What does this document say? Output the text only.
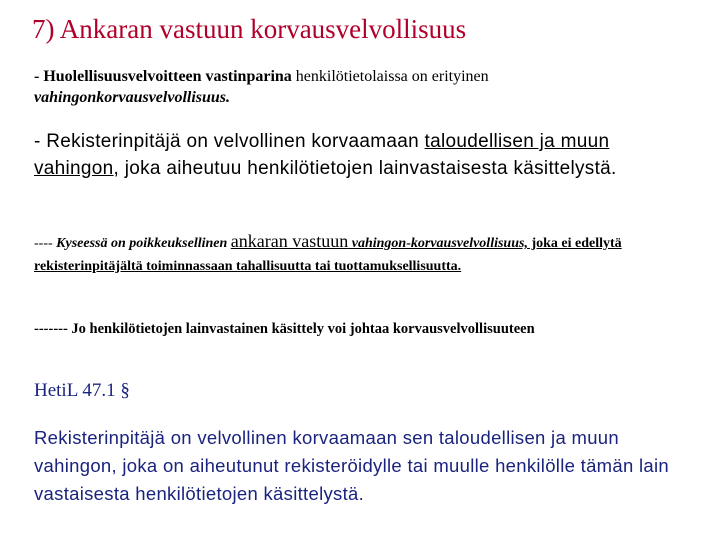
7) Ankaran vastuun korvausvelvollisuus

- Huolellisuusvelvoitteen vastinparina henkilötietolaissa on erityinen vahingonkorvausvelvollisuus.

- Rekisterinpitäjä on velvollinen korvaamaan taloudellisen ja muun vahingon, joka aiheutuu henkilötietojen lainvastaisesta käsittelystä.

---- Kyseessä on poikkeuksellinen ankaran vastuun vahingon-korvausvelvollisuus, joka ei edellytä rekisterinpitäjältä toiminnassaan tahallisuutta tai tuottamuksellisuutta.

------- Jo henkilötietojen lainvastainen käsittely voi johtaa korvausvelvollisuuteen

HetiL 47.1 §

Rekisterinpitäjä on velvollinen korvaamaan sen taloudellisen ja muun vahingon, joka on aiheutunut rekisteröidylle tai muulle henkilölle tämän lain vastaisesta henkilötietojen käsittelystä.
